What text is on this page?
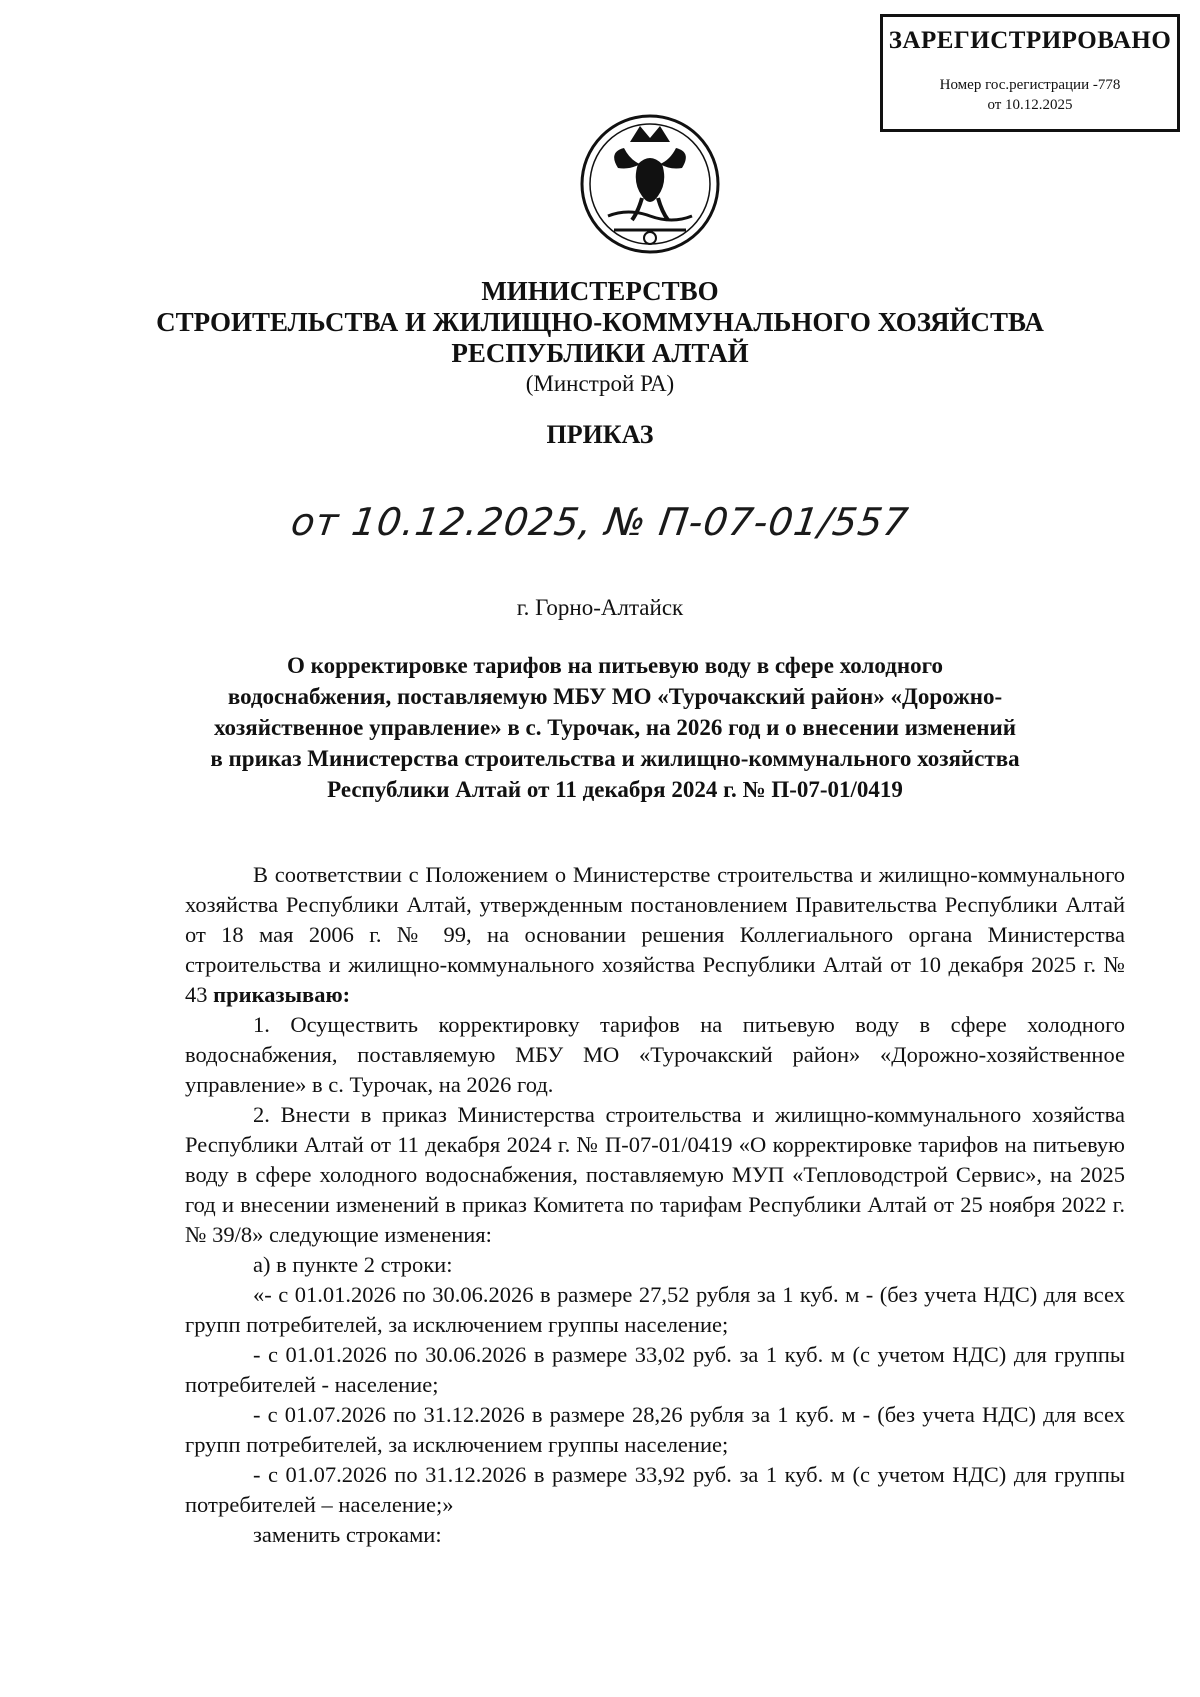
ЗАРЕГИСТРИРОВАНО
Номер гос.регистрации -778
от 10.12.2025
МИНИСТЕРСТВО
СТРОИТЕЛЬСТВА И ЖИЛИЩНО-КОММУНАЛЬНОГО ХОЗЯЙСТВА
РЕСПУБЛИКИ АЛТАЙ
(Минстрой РА)
ПРИКАЗ
от 10.12.2025, № П-07-01/557
г. Горно-Алтайск
О корректировке тарифов на питьевую воду в сфере холодного
водоснабжения, поставляемую МБУ МО «Турочакский район» «Дорожно-
хозяйственное управление» в с. Турочак, на 2026 год и о внесении изменений
в приказ Министерства строительства и жилищно-коммунального хозяйства
Республики Алтай от 11 декабря 2024 г. № П-07-01/0419

В соответствии с Положением о Министерстве строительства и жилищно-коммунального хозяйства Республики Алтай, утвержденным постановлением Правительства Республики Алтай от 18 мая 2006 г. № 99, на основании решения Коллегиального органа Министерства строительства и жилищно-коммунального хозяйства Республики Алтай от 10 декабря 2025 г. № 43 приказываю:

1. Осуществить корректировку тарифов на питьевую воду в сфере холодного водоснабжения, поставляемую МБУ МО «Турочакский район» «Дорожно-хозяйственное управление» в с. Турочак, на 2026 год.

2. Внести в приказ Министерства строительства и жилищно-коммунального хозяйства Республики Алтай от 11 декабря 2024 г. № П-07-01/0419 «О корректировке тарифов на питьевую воду в сфере холодного водоснабжения, поставляемую МУП «Тепловодстрой Сервис», на 2025 год и внесении изменений в приказ Комитета по тарифам Республики Алтай от 25 ноября 2022 г. № 39/8» следующие изменения:

а) в пункте 2 строки:

«- с 01.01.2026 по 30.06.2026 в размере 27,52 рубля за 1 куб. м - (без учета НДС) для всех групп потребителей, за исключением группы население;

- с 01.01.2026 по 30.06.2026 в размере 33,02 руб. за 1 куб. м (с учетом НДС) для группы потребителей - население;

- с 01.07.2026 по 31.12.2026 в размере 28,26 рубля за 1 куб. м - (без учета НДС) для всех групп потребителей, за исключением группы население;

- с 01.07.2026 по 31.12.2026 в размере 33,92 руб. за 1 куб. м (с учетом НДС) для группы потребителей – население;»

заменить строками:
